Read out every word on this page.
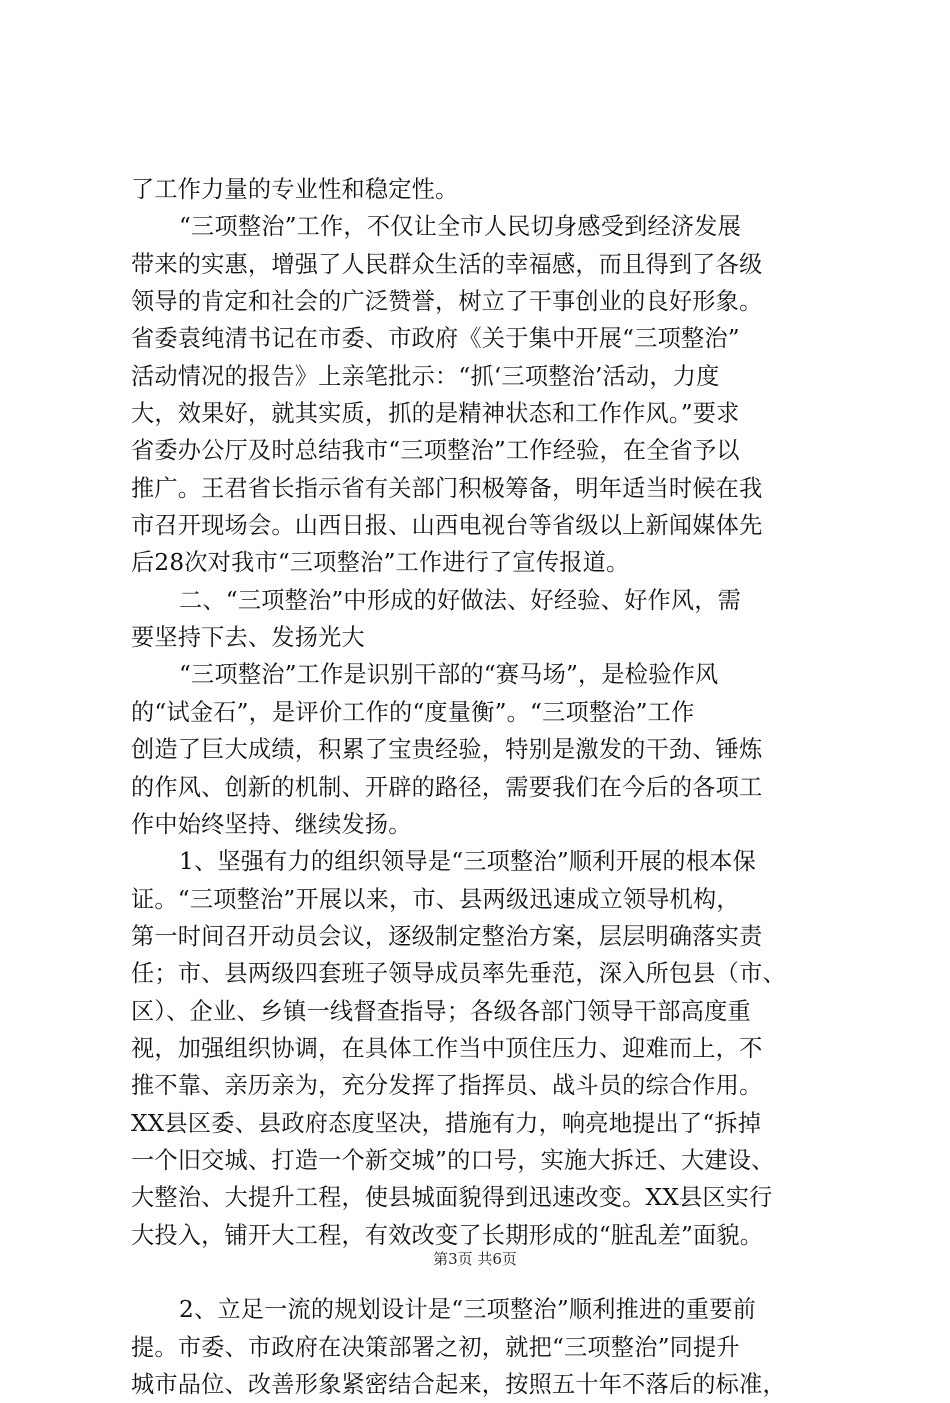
了工作力量的专业性和稳定性。
“三项整治”工作，不仅让全市人民切身感受到经济发展
带来的实惠，增强了人民群众生活的幸福感，而且得到了各级
领导的肯定和社会的广泛赞誉，树立了干事创业的良好形象。
省委袁纯清书记在市委、市政府《关于集中开展“三项整治”
活动情况的报告》上亲笔批示：“抓‘三项整治’活动，力度
大，效果好，就其实质，抓的是精神状态和工作作风。”要求
省委办公厅及时总结我市“三项整治”工作经验，在全省予以
推广。王君省长指示省有关部门积极筹备，明年适当时候在我
市召开现场会。山西日报、山西电视台等省级以上新闻媒体先
后28次对我市“三项整治”工作进行了宣传报道。
二、“三项整治”中形成的好做法、好经验、好作风，需
要坚持下去、发扬光大
“三项整治”工作是识别干部的“赛马场”，是检验作风
的“试金石”，是评价工作的“度量衡”。“三项整治”工作
创造了巨大成绩，积累了宝贵经验，特别是激发的干劲、锤炼
的作风、创新的机制、开辟的路径，需要我们在今后的各项工
作中始终坚持、继续发扬。
1、坚强有力的组织领导是“三项整治”顺利开展的根本保
证。“三项整治”开展以来，市、县两级迅速成立领导机构，
第一时间召开动员会议，逐级制定整治方案，层层明确落实责
任；市、县两级四套班子领导成员率先垂范，深入所包县（市、
区）、企业、乡镇一线督查指导；各级各部门领导干部高度重
视，加强组织协调，在具体工作当中顶住压力、迎难而上，不
推不靠、亲历亲为，充分发挥了指挥员、战斗员的综合作用。
XX县区委、县政府态度坚决，措施有力，响亮地提出了“拆掉
一个旧交城、打造一个新交城”的口号，实施大拆迁、大建设、
大整治、大提升工程，使县城面貌得到迅速改变。XX县区实行
大投入，铺开大工程，有效改变了长期形成的“脏乱差”面貌。
2、立足一流的规划设计是“三项整治”顺利推进的重要前
提。市委、市政府在决策部署之初，就把“三项整治”同提升
城市品位、改善形象紧密结合起来，按照五十年不落后的标准，
第3页 共6页
